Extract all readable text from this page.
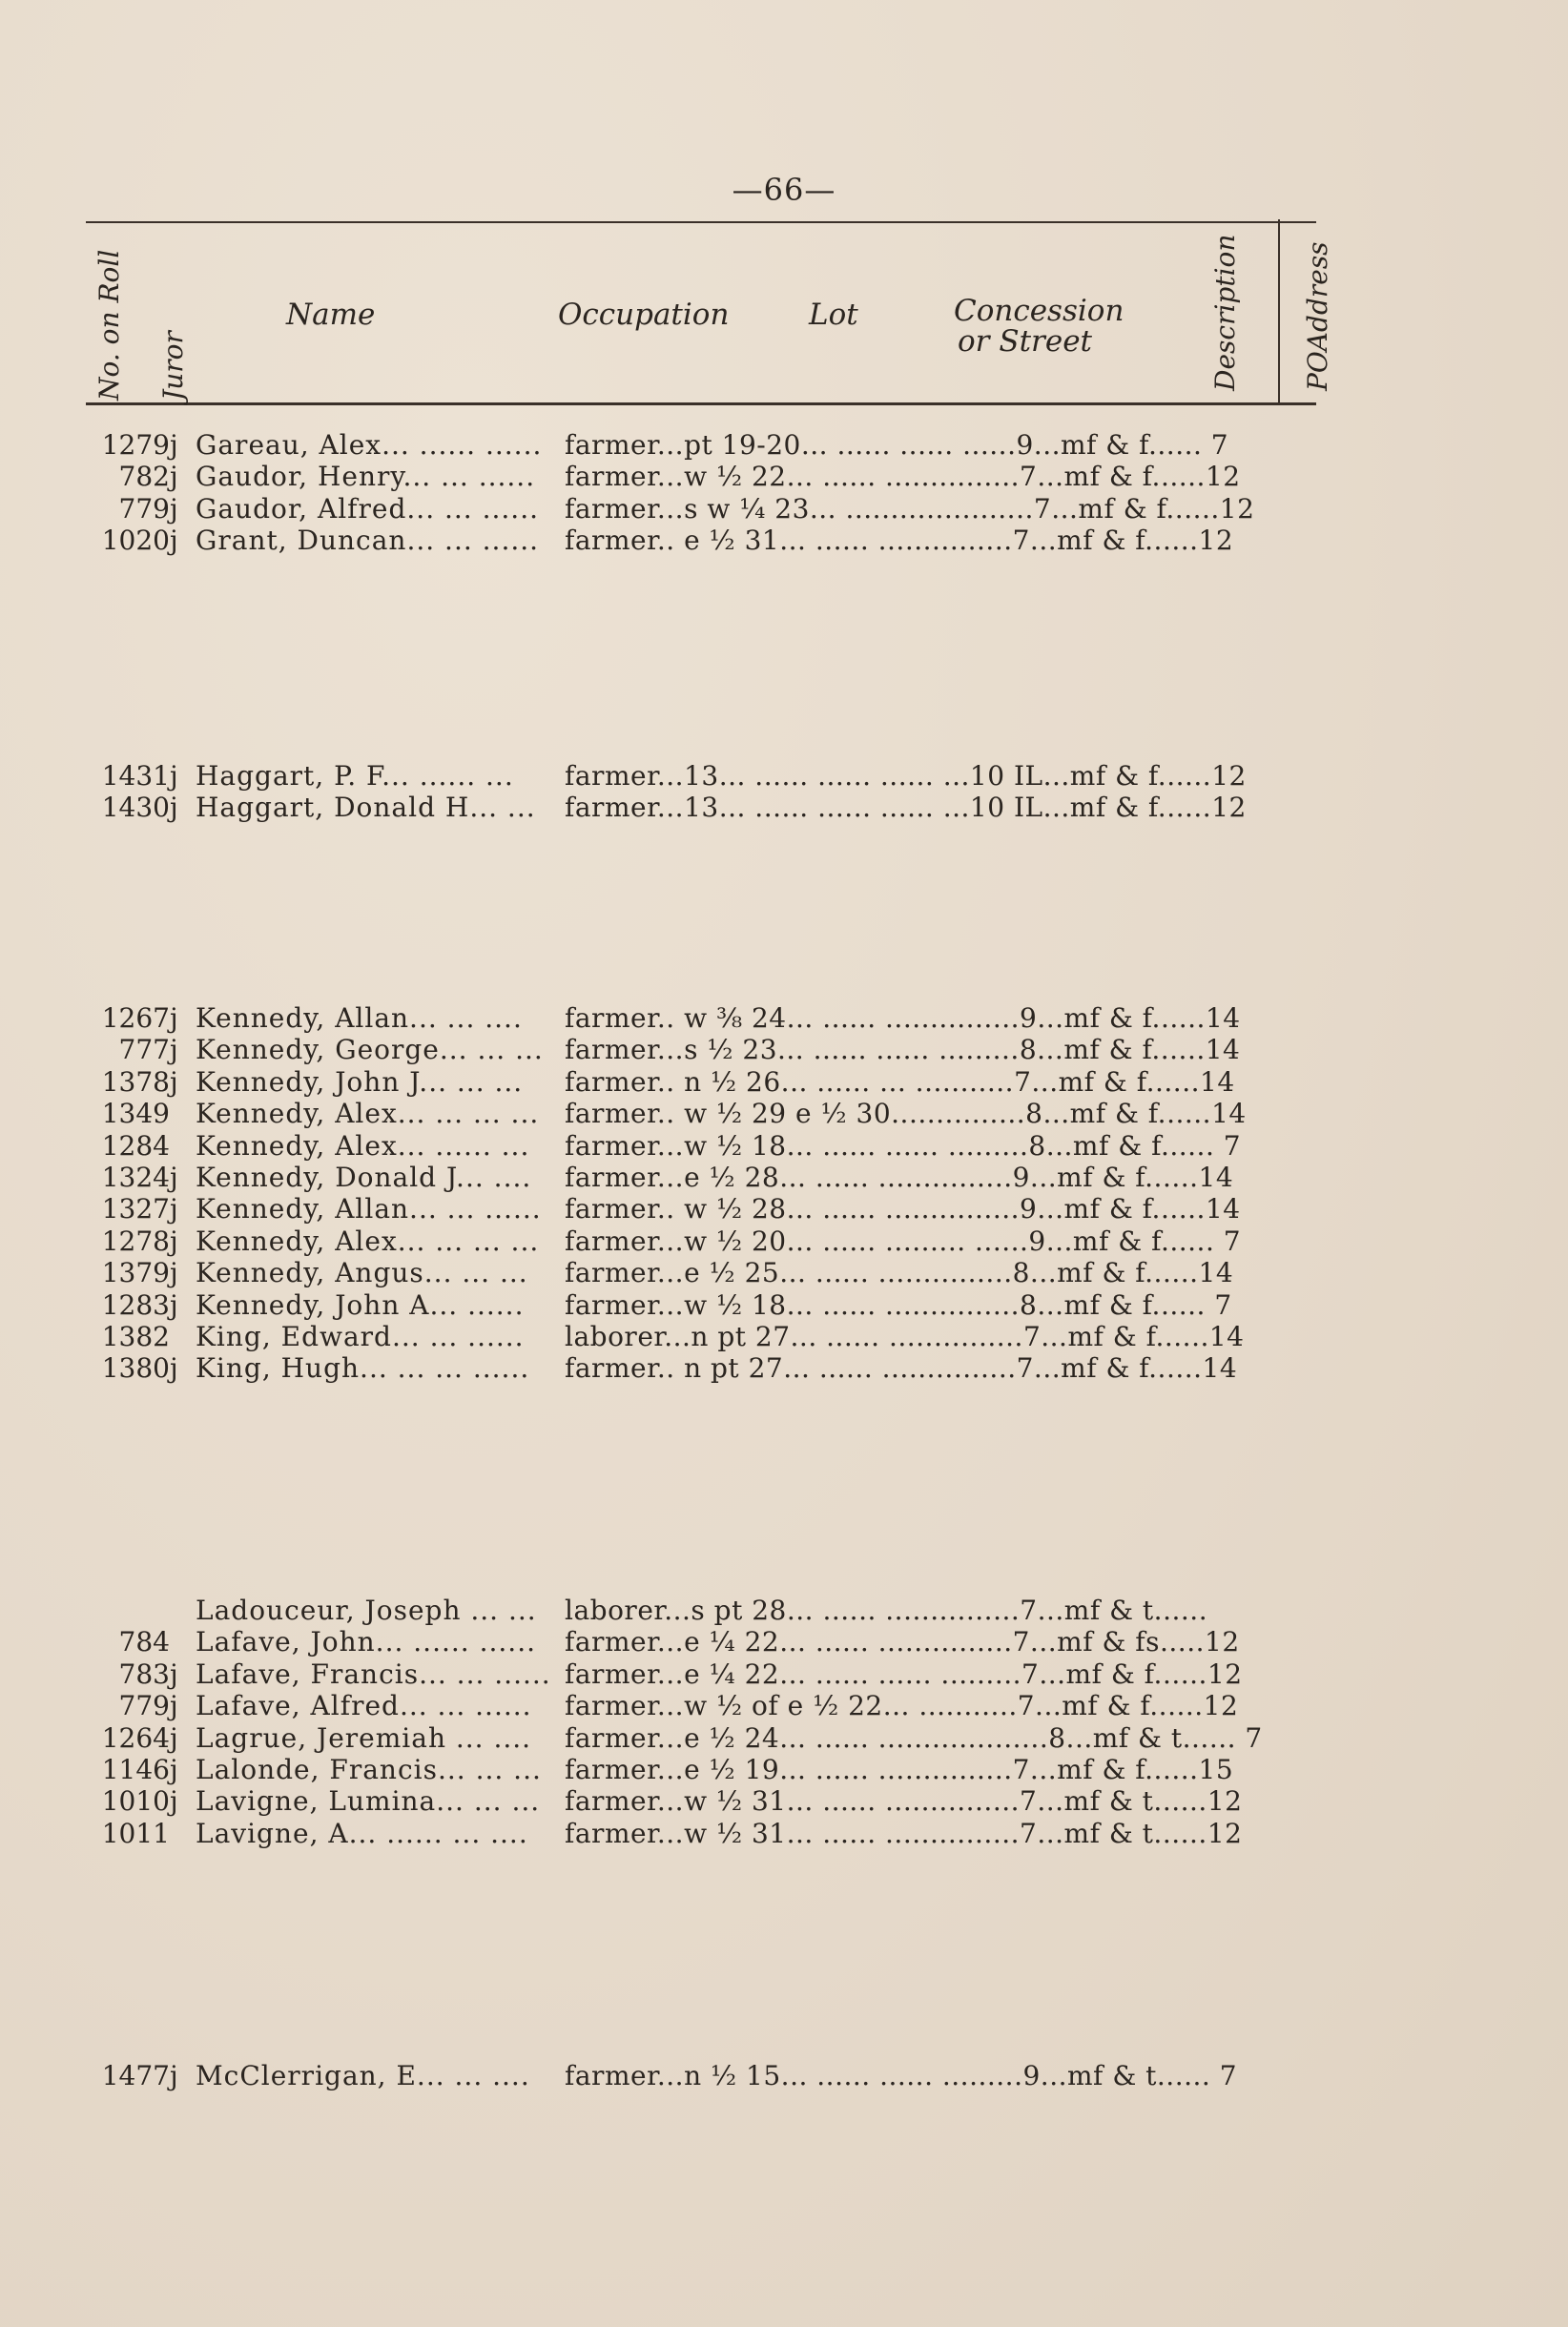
—66—
No. on Roll Juror
Name	Occupation	Lot	Concession
or Street	Description POAddress
1279 j Gareau, Alex... ...... ...... farmer...pt 19-20... ...... ...... ......9...mf & f...... 7
782 j Gaudor, Henry... ... ...... farmer...w ½ 22... ...... ...............7...mf & f......12
779 j Gaudor, Alfred... ... ...... farmer...s w ¼ 23... .....................7...mf & f......12
1020 j Grant, Duncan... ... ...... farmer.. e ½ 31... ...... ...............7...mf & f......12
1431 j Haggart, P. F... ...... ... farmer...13... ...... ...... ...... ...10 IL...mf & f......12
1430 j Haggart, Donald H... ... farmer...13... ...... ...... ...... ...10 IL...mf & f......12
1267 j Kennedy, Allan... ... .... farmer.. w ⅜ 24... ...... ...............9...mf & f......14
777 j Kennedy, George... ... ... farmer...s ½ 23... ...... ...... .........8...mf & f......14
1378 j Kennedy, John J... ... ... farmer.. n ½ 26... ...... ... ...........7...mf & f......14
1349 Kennedy, Alex... ... ... ... farmer.. w ½ 29 e ½ 30...............8...mf & f......14
1284 Kennedy, Alex... ...... ... farmer...w ½ 18... ...... ...... .........8...mf & f...... 7
1324 j Kennedy, Donald J... .... farmer...e ½ 28... ...... ...............9...mf & f......14
1327 j Kennedy, Allan... ... ...... farmer.. w ½ 28... ...... ...............9...mf & f......14
1278 j Kennedy, Alex... ... ... ... farmer...w ½ 20... ...... ......... ......9...mf & f...... 7
1379 j Kennedy, Angus... ... ... farmer...e ½ 25... ...... ...............8...mf & f......14
1283 j Kennedy, John A... ...... farmer...w ½ 18... ...... ...............8...mf & f...... 7
1382 King, Edward... ... ...... laborer...n pt 27... ...... ...............7...mf & f......14
1380 j King, Hugh... ... ... ...... farmer.. n pt 27... ...... ...............7...mf & f......14
Ladouceur, Joseph ... ... laborer...s pt 28... ...... ...............7...mf & t......
784 Lafave, John... ...... ...... farmer...e ¼ 22... ...... ...............7...mf & fs.....12
783 j Lafave, Francis... ... ...... farmer...e ¼ 22... ...... ...... .........7...mf & f......12
779 j Lafave, Alfred... ... ...... farmer...w ½ of e ½ 22... ...........7...mf & f......12
1264 j Lagrue, Jeremiah ... .... farmer...e ½ 24... ...... ...................8...mf & t...... 7
1146 j Lalonde, Francis... ... ... farmer...e ½ 19... ...... ...............7...mf & f......15
1010 j Lavigne, Lumina... ... ... farmer...w ½ 31... ...... ...............7...mf & t......12
1011 Lavigne, A... ...... ... .... farmer...w ½ 31... ...... ...............7...mf & t......12
1477 j McClerrigan, E... ... .... farmer...n ½ 15... ...... ...... .........9...mf & t...... 7
